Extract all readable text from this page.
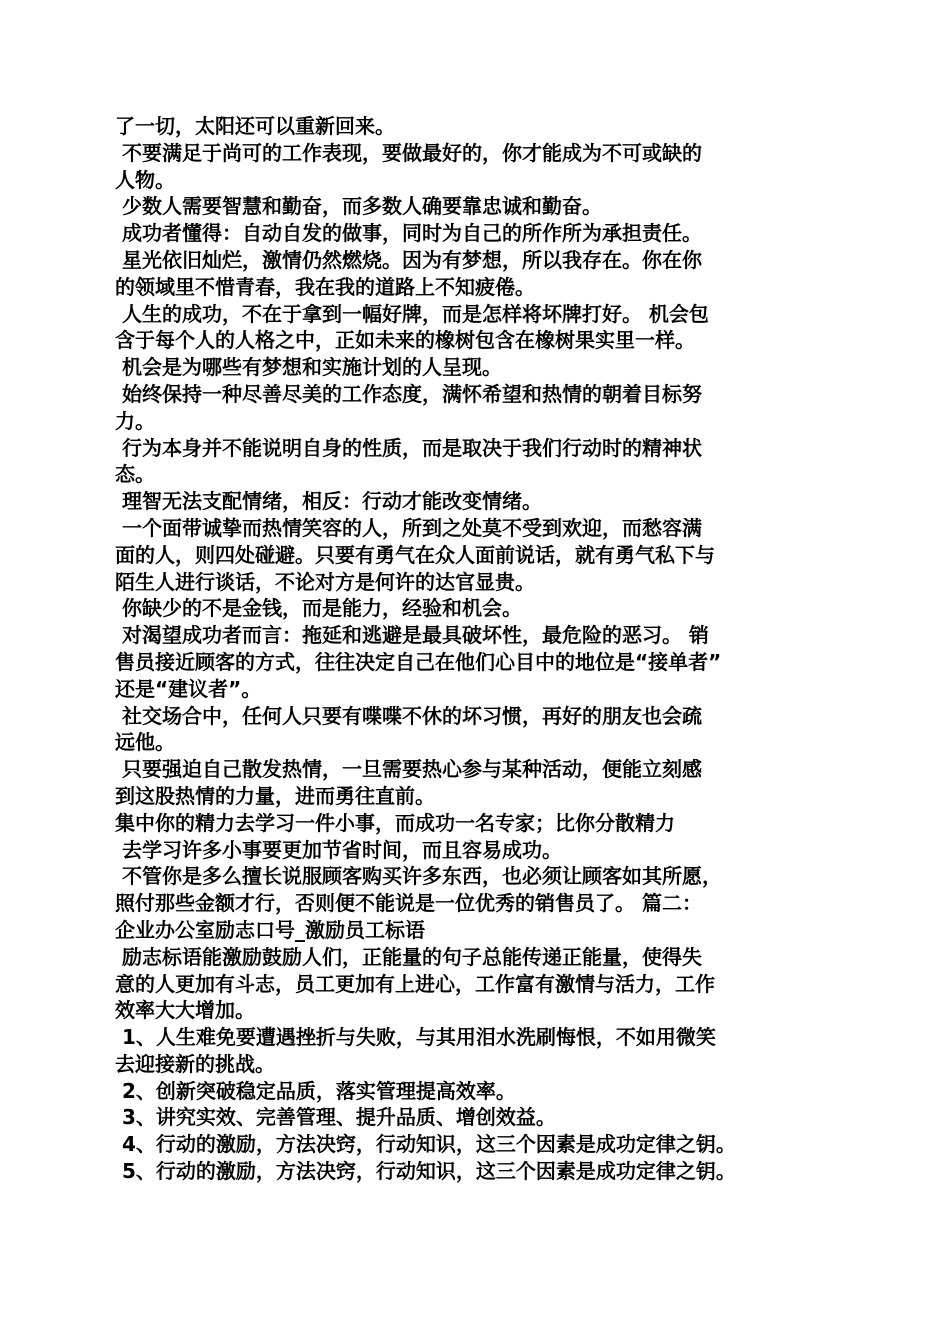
了一切，太阳还可以重新回来。
不要满足于尚可的工作表现，要做最好的，你才能成为不可或缺的
人物。
少数人需要智慧和勤奋，而多数人确要靠忠诚和勤奋。
成功者懂得：自动自发的做事，同时为自己的所作所为承担责任。
星光依旧灿烂，激情仍然燃烧。因为有梦想，所以我存在。你在你
的领域里不惜青春，我在我的道路上不知疲倦。
人生的成功，不在于拿到一幅好牌，而是怎样将坏牌打好。 机会包
含于每个人的人格之中，正如未来的橡树包含在橡树果实里一样。
机会是为哪些有梦想和实施计划的人呈现。
始终保持一种尽善尽美的工作态度，满怀希望和热情的朝着目标努
力。
行为本身并不能说明自身的性质，而是取决于我们行动时的精神状
态。
理智无法支配情绪，相反：行动才能改变情绪。
一个面带诚挚而热情笑容的人，所到之处莫不受到欢迎，而愁容满
面的人，则四处碰避。只要有勇气在众人面前说话，就有勇气私下与
陌生人进行谈话，不论对方是何许的达官显贵。
你缺少的不是金钱，而是能力，经验和机会。
对渴望成功者而言：拖延和逃避是最具破坏性，最危险的恶习。 销
售员接近顾客的方式，往往决定自己在他们心目中的地位是“接单者”
还是“建议者”。
社交场合中，任何人只要有喋喋不休的坏习惯，再好的朋友也会疏
远他。
只要强迫自己散发热情，一旦需要热心参与某种活动，便能立刻感
到这股热情的力量，进而勇往直前。
集中你的精力去学习一件小事，而成功一名专家；比你分散精力
去学习许多小事要更加节省时间，而且容易成功。
不管你是多么擅长说服顾客购买许多东西，也必须让顾客如其所愿，
照付那些金额才行，否则便不能说是一位优秀的销售员了。 篇二：
企业办公室励志口号_激励员工标语
励志标语能激励鼓励人们，正能量的句子总能传递正能量，使得失
意的人更加有斗志，员工更加有上进心，工作富有激情与活力，工作
效率大大增加。
1、人生难免要遭遇挫折与失败，与其用泪水洗刷悔恨，不如用微笑
去迎接新的挑战。
2、创新突破稳定品质，落实管理提高效率。
3、讲究实效、完善管理、提升品质、增创效益。
4、行动的激励，方法决窍，行动知识，这三个因素是成功定律之钥。
5、行动的激励，方法决窍，行动知识，这三个因素是成功定律之钥。
